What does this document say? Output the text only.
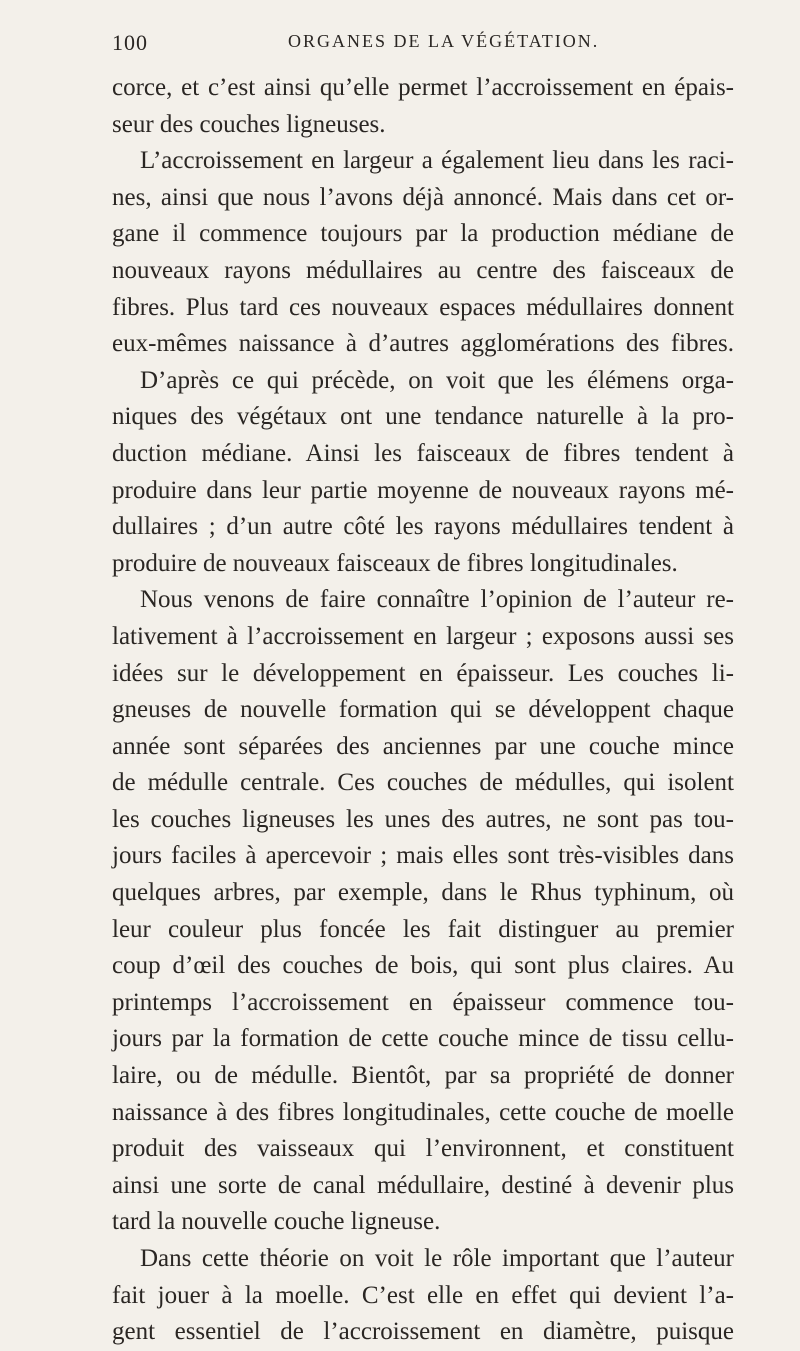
100	ORGANES DE LA VÉGÉTATION.
corce, et c’est ainsi qu’elle permet l’accroissement en épais-
seur des couches ligneuses.
L’accroissement en largeur a également lieu dans les raci-
nes, ainsi que nous l’avons déjà annoncé. Mais dans cet or-
gane il commence toujours par la production médiane de
nouveaux rayons médullaires au centre des faisceaux de
fibres. Plus tard ces nouveaux espaces médullaires donnent
eux-mêmes naissance à d’autres agglomérations des fibres.
D’après ce qui précède, on voit que les élémens orga-
niques des végétaux ont une tendance naturelle à la pro-
duction médiane. Ainsi les faisceaux de fibres tendent à
produire dans leur partie moyenne de nouveaux rayons mé-
dullaires ; d’un autre côté les rayons médullaires tendent à
produire de nouveaux faisceaux de fibres longitudinales.
Nous venons de faire connaître l’opinion de l’auteur re-
lativement à l’accroissement en largeur ; exposons aussi ses
idées sur le développement en épaisseur. Les couches li-
gneuses de nouvelle formation qui se développent chaque
année sont séparées des anciennes par une couche mince
de médulle centrale. Ces couches de médulles, qui isolent
les couches ligneuses les unes des autres, ne sont pas tou-
jours faciles à apercevoir ; mais elles sont très-visibles dans
quelques arbres, par exemple, dans le Rhus typhinum, où
leur couleur plus foncée les fait distinguer au premier
coup d’œil des couches de bois, qui sont plus claires. Au
printemps l’accroissement en épaisseur commence tou-
jours par la formation de cette couche mince de tissu cellu-
laire, ou de médulle. Bientôt, par sa propriété de donner
naissance à des fibres longitudinales, cette couche de moelle
produit des vaisseaux qui l’environnent, et constituent
ainsi une sorte de canal médullaire, destiné à devenir plus
tard la nouvelle couche ligneuse.
Dans cette théorie on voit le rôle important que l’auteur
fait jouer à la moelle. C’est elle en effet qui devient l’a-
gent essentiel de l’accroissement en diamètre, puisque
